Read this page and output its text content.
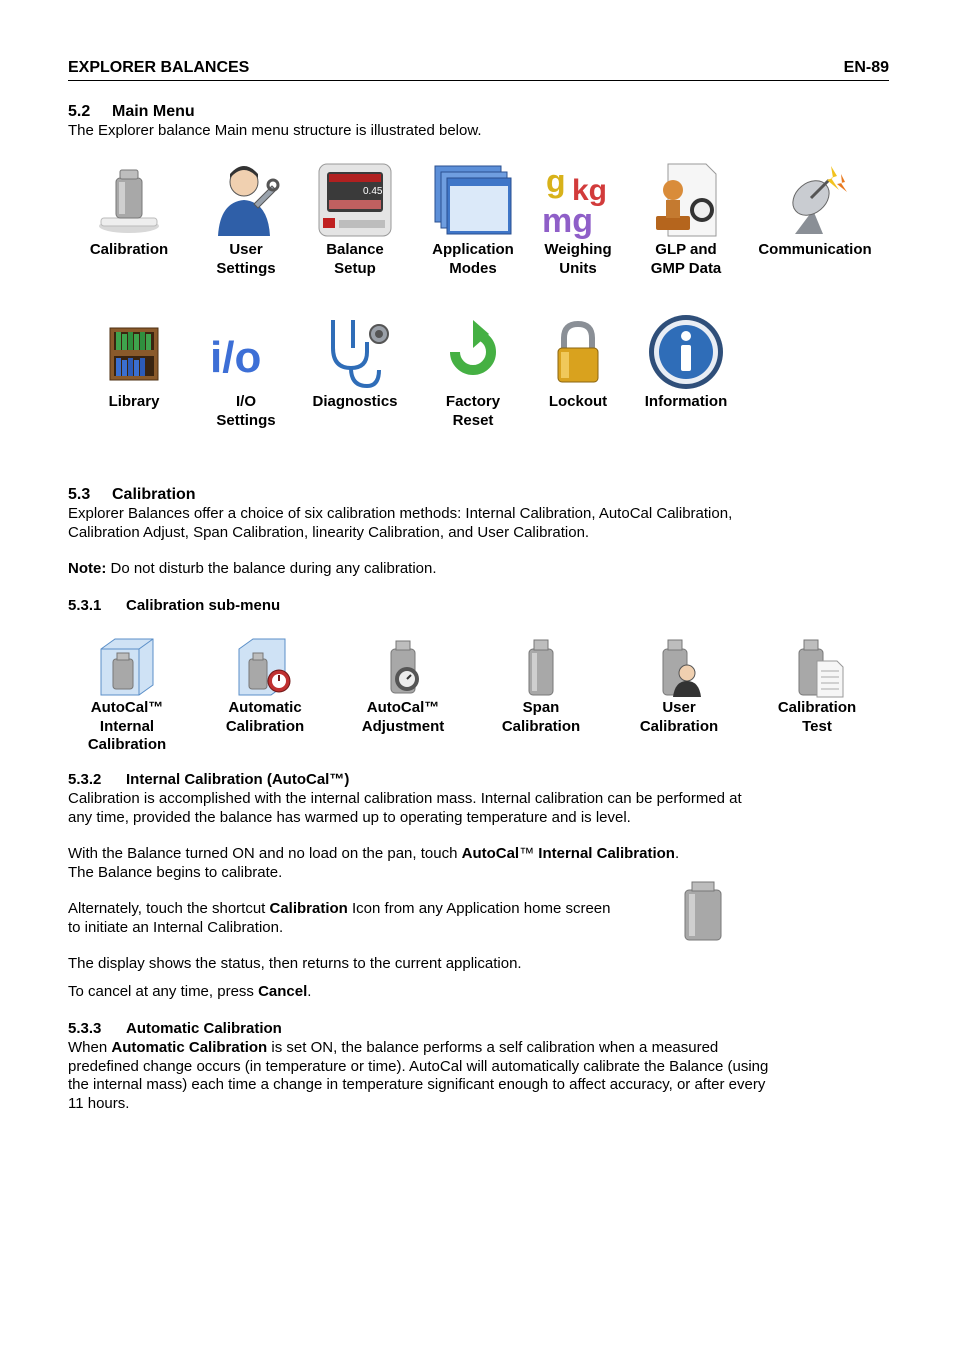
EXPLORER BALANCES	EN-89
5.2 Main Menu
The Explorer balance Main menu structure is illustrated below.
Calibration	User
Settings
0.45
Balance
Setup
Application
Modes
g kg
mg
Weighing
Units
GLP and
GMP Data
Communication
Library
i/o
I/O
Settings
Diagnostics	Factory
Reset
Lockout	Information
5.3 Calibration
Explorer Balances offer a choice of six calibration methods: Internal Calibration, AutoCal Calibration,
Calibration Adjust, Span Calibration, linearity Calibration, and User Calibration.
Note: Do not disturb the balance during any calibration.
5.3.1 Calibration sub-menu
AutoCal™
Internal
Calibration
Automatic
Calibration
AutoCal™
Adjustment
Span
Calibration
User
Calibration
Calibration
Test
5.3.2 Internal Calibration (AutoCal™)
Calibration is accomplished with the internal calibration mass. Internal calibration can be performed at
any time, provided the balance has warmed up to operating temperature and is level.
With the Balance turned ON and no load on the pan, touch AutoCal™ Internal Calibration.
The Balance begins to calibrate.
Alternately, touch the shortcut Calibration Icon from any Application home screen
to initiate an Internal Calibration.
The display shows the status, then returns to the current application.
To cancel at any time, press Cancel.
5.3.3 Automatic Calibration
When Automatic Calibration is set ON, the balance performs a self calibration when a measured
predefined change occurs (in temperature or time). AutoCal will automatically calibrate the Balance (using
the internal mass) each time a change in temperature significant enough to affect accuracy, or after every
11 hours.
